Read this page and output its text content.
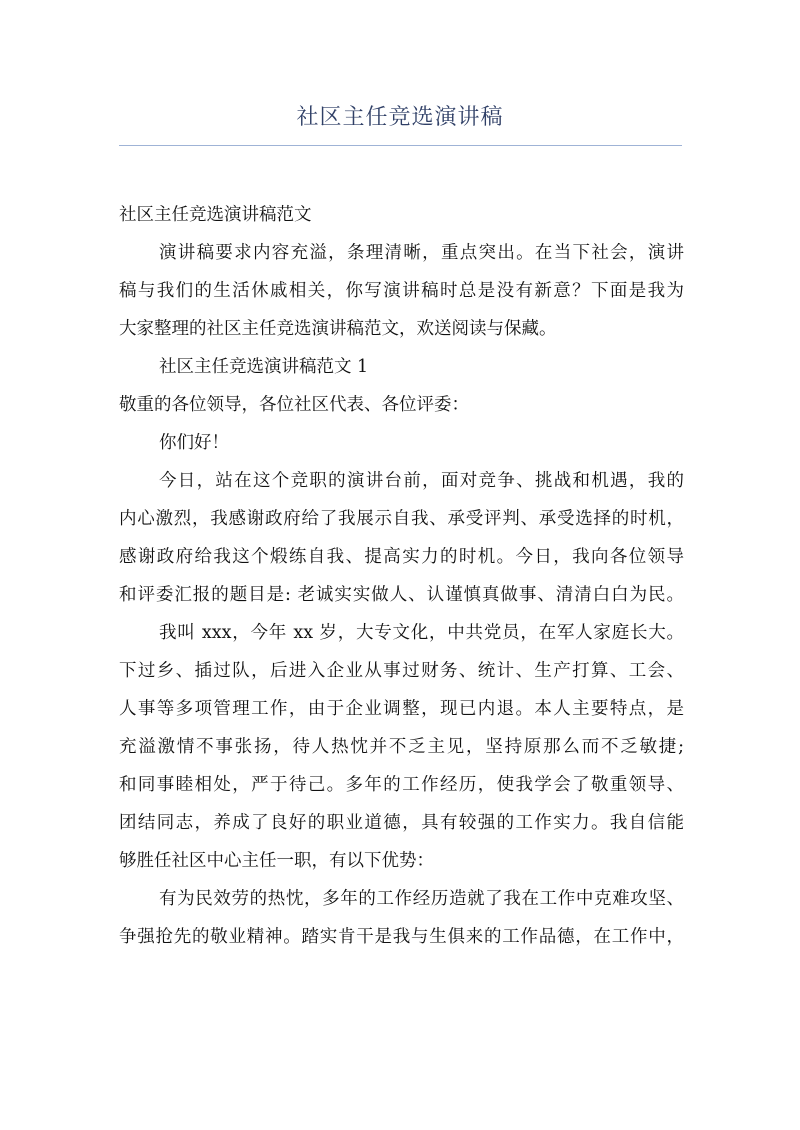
社区主任竞选演讲稿
社区主任竞选演讲稿范文
演讲稿要求内容充溢，条理清晰，重点突出。在当下社会，演讲
稿与我们的生活休戚相关，你写演讲稿时总是没有新意？下面是我为
大家整理的社区主任竞选演讲稿范文，欢送阅读与保藏。
社区主任竞选演讲稿范文 1
敬重的各位领导，各位社区代表、各位评委：
你们好！
今日，站在这个竞职的演讲台前，面对竞争、挑战和机遇，我的
内心激烈，我感谢政府给了我展示自我、承受评判、承受选择的时机，
感谢政府给我这个煅练自我、提高实力的时机。今日，我向各位领导
和评委汇报的题目是: 老诚实实做人、认谨慎真做事、清清白白为民。
我叫 xxx，今年 xx 岁，大专文化，中共党员，在军人家庭长大。
下过乡、插过队，后进入企业从事过财务、统计、生产打算、工会、
人事等多项管理工作，由于企业调整，现已内退。本人主要特点，是
充溢激情不事张扬，待人热忱并不乏主见，坚持原那么而不乏敏捷;
和同事睦相处，严于待己。多年的工作经历，使我学会了敬重领导、
团结同志，养成了良好的职业道德，具有较强的工作实力。我自信能
够胜任社区中心主任一职，有以下优势：
有为民效劳的热忱，多年的工作经历造就了我在工作中克难攻坚、
争强抢先的敬业精神。踏实肯干是我与生俱来的工作品德，在工作中，
